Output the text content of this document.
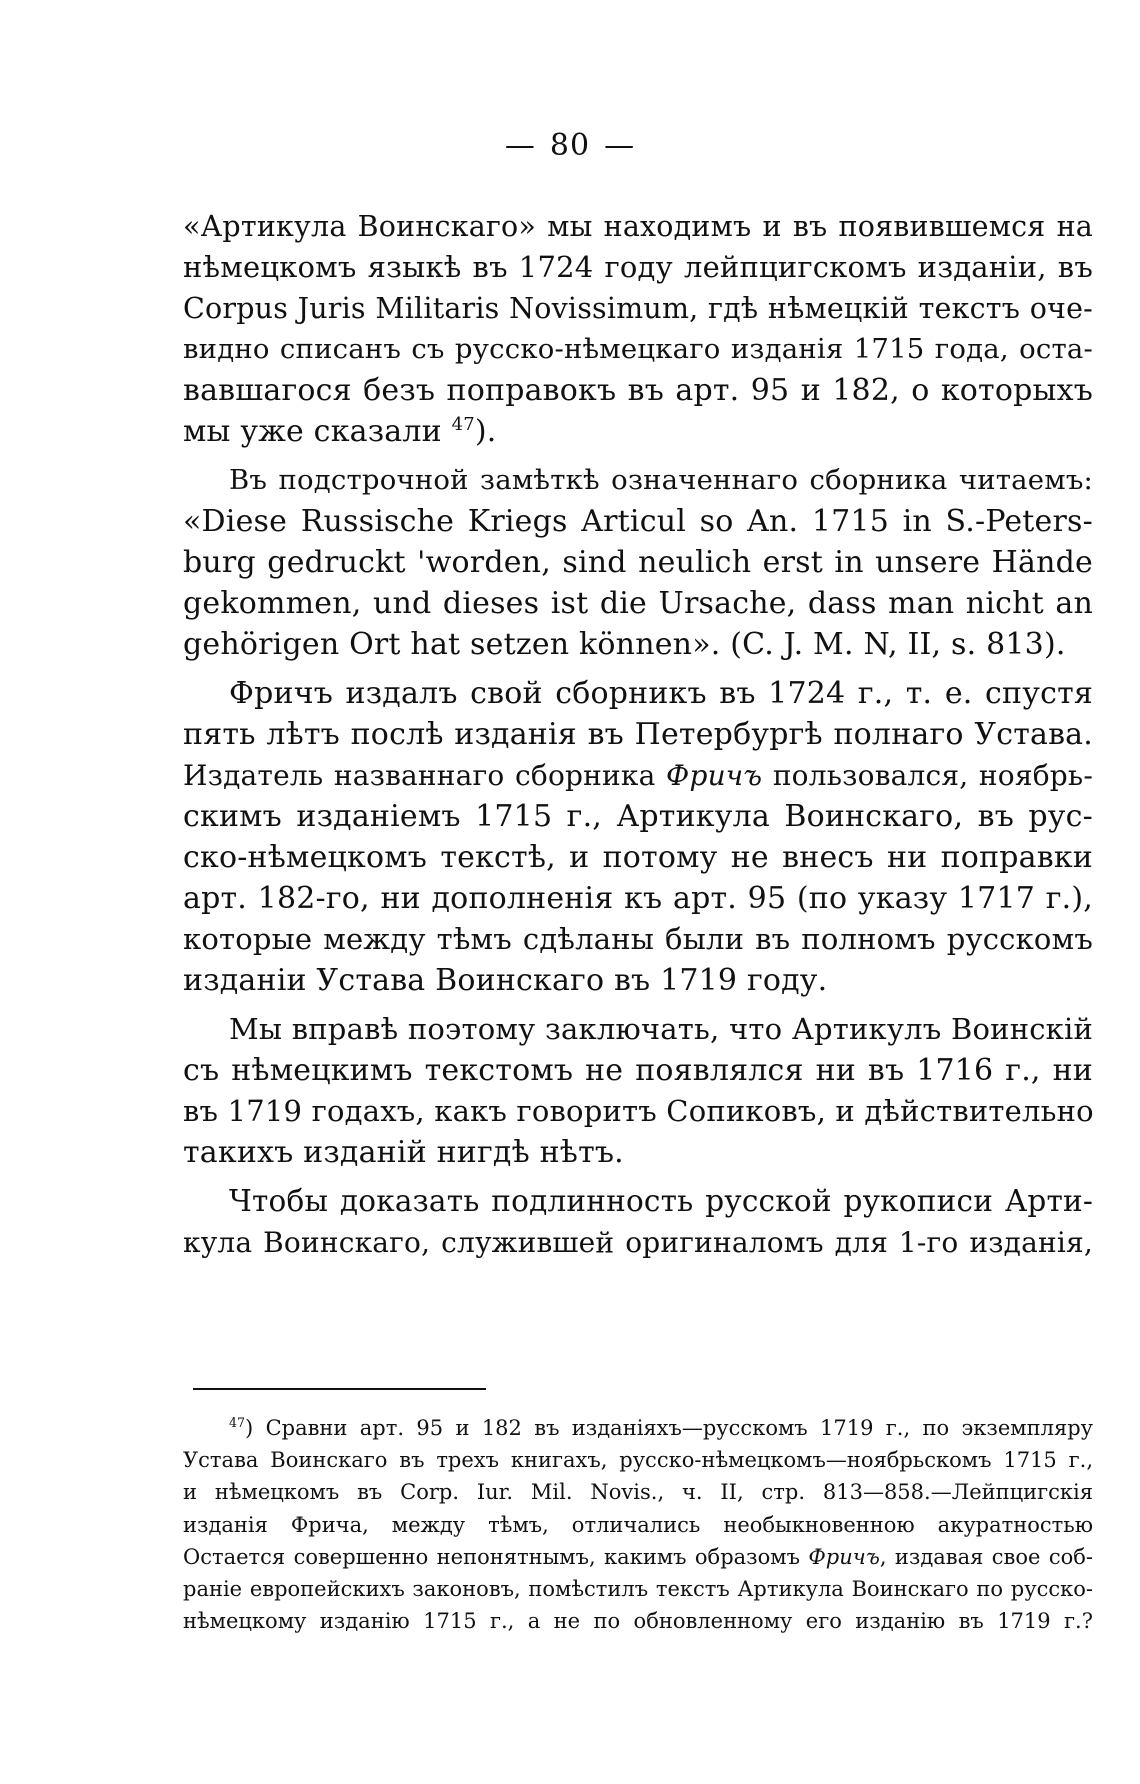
— 80 —
«Артикула Воинскаго» мы находимъ и въ появившемся на
нѣмецкомъ языкѣ въ 1724 году лейпцигскомъ изданіи, въ
Corpus Juris Militaris Novissimum, гдѣ нѣмецкій текстъ оче-
видно списанъ съ русско-нѣмецкаго изданія 1715 года, оста-
вавшагося безъ поправокъ въ арт. 95 и 182, о которыхъ
мы уже сказали $^{47}$).
Въ подстрочной замѣткѣ означеннаго сборника читаемъ:
«Diese Russische Kriegs Articul so An. 1715 in S.-Peters-
burg gedruckt 'worden, sind neulich erst in unsere Hände
gekommen, und dieses ist die Ursache, dass man nicht an
gehörigen Ort hat setzen können». (C. J. M. N, II, s. 813).
Фричъ издалъ свой сборникъ въ 1724 г., т. е. спустя
пять лѣтъ послѣ изданія въ Петербургѣ полнаго Устава.
Издатель названнаго сборника Фричъ пользовался, ноябрь-
скимъ изданіемъ 1715 г., Артикула Воинскаго, въ рус-
ско-нѣмецкомъ текстѣ, и потому не внесъ ни поправки
арт. 182-го, ни дополненія къ арт. 95 (по указу 1717 г.),
которые между тѣмъ сдѣланы были въ полномъ русскомъ
изданіи Устава Воинскаго въ 1719 году.
Мы вправѣ поэтому заключать, что Артикулъ Воинскій
съ нѣмецкимъ текстомъ не появлялся ни въ 1716 г., ни
въ 1719 годахъ, какъ говоритъ Сопиковъ, и дѣйствительно
такихъ изданій нигдѣ нѣтъ.
Чтобы доказать подлинность русской рукописи Арти-
кула Воинскаго, служившей оригиналомъ для 1-го изданія,
$^{47}$) Сравни арт. 95 и 182 въ изданіяхъ—русскомъ 1719 г., по экземпляру
Устава Воинскаго въ трехъ книгахъ, русско-нѣмецкомъ—ноябрьскомъ 1715 г.,
и нѣмецкомъ въ Corp. Iur. Mil. Novis., ч. II, стр. 813—858.—Лейпцигскія
изданія Фрича, между тѣмъ, отличались необыкновенною акуратностью
Остается совершенно непонятнымъ, какимъ образомъ Фричъ, издавая свое соб-
раніе европейскихъ законовъ, помѣстилъ текстъ Артикула Воинскаго по русско-
нѣмецкому изданію 1715 г., а не по обновленному его изданію въ 1719 г.?
